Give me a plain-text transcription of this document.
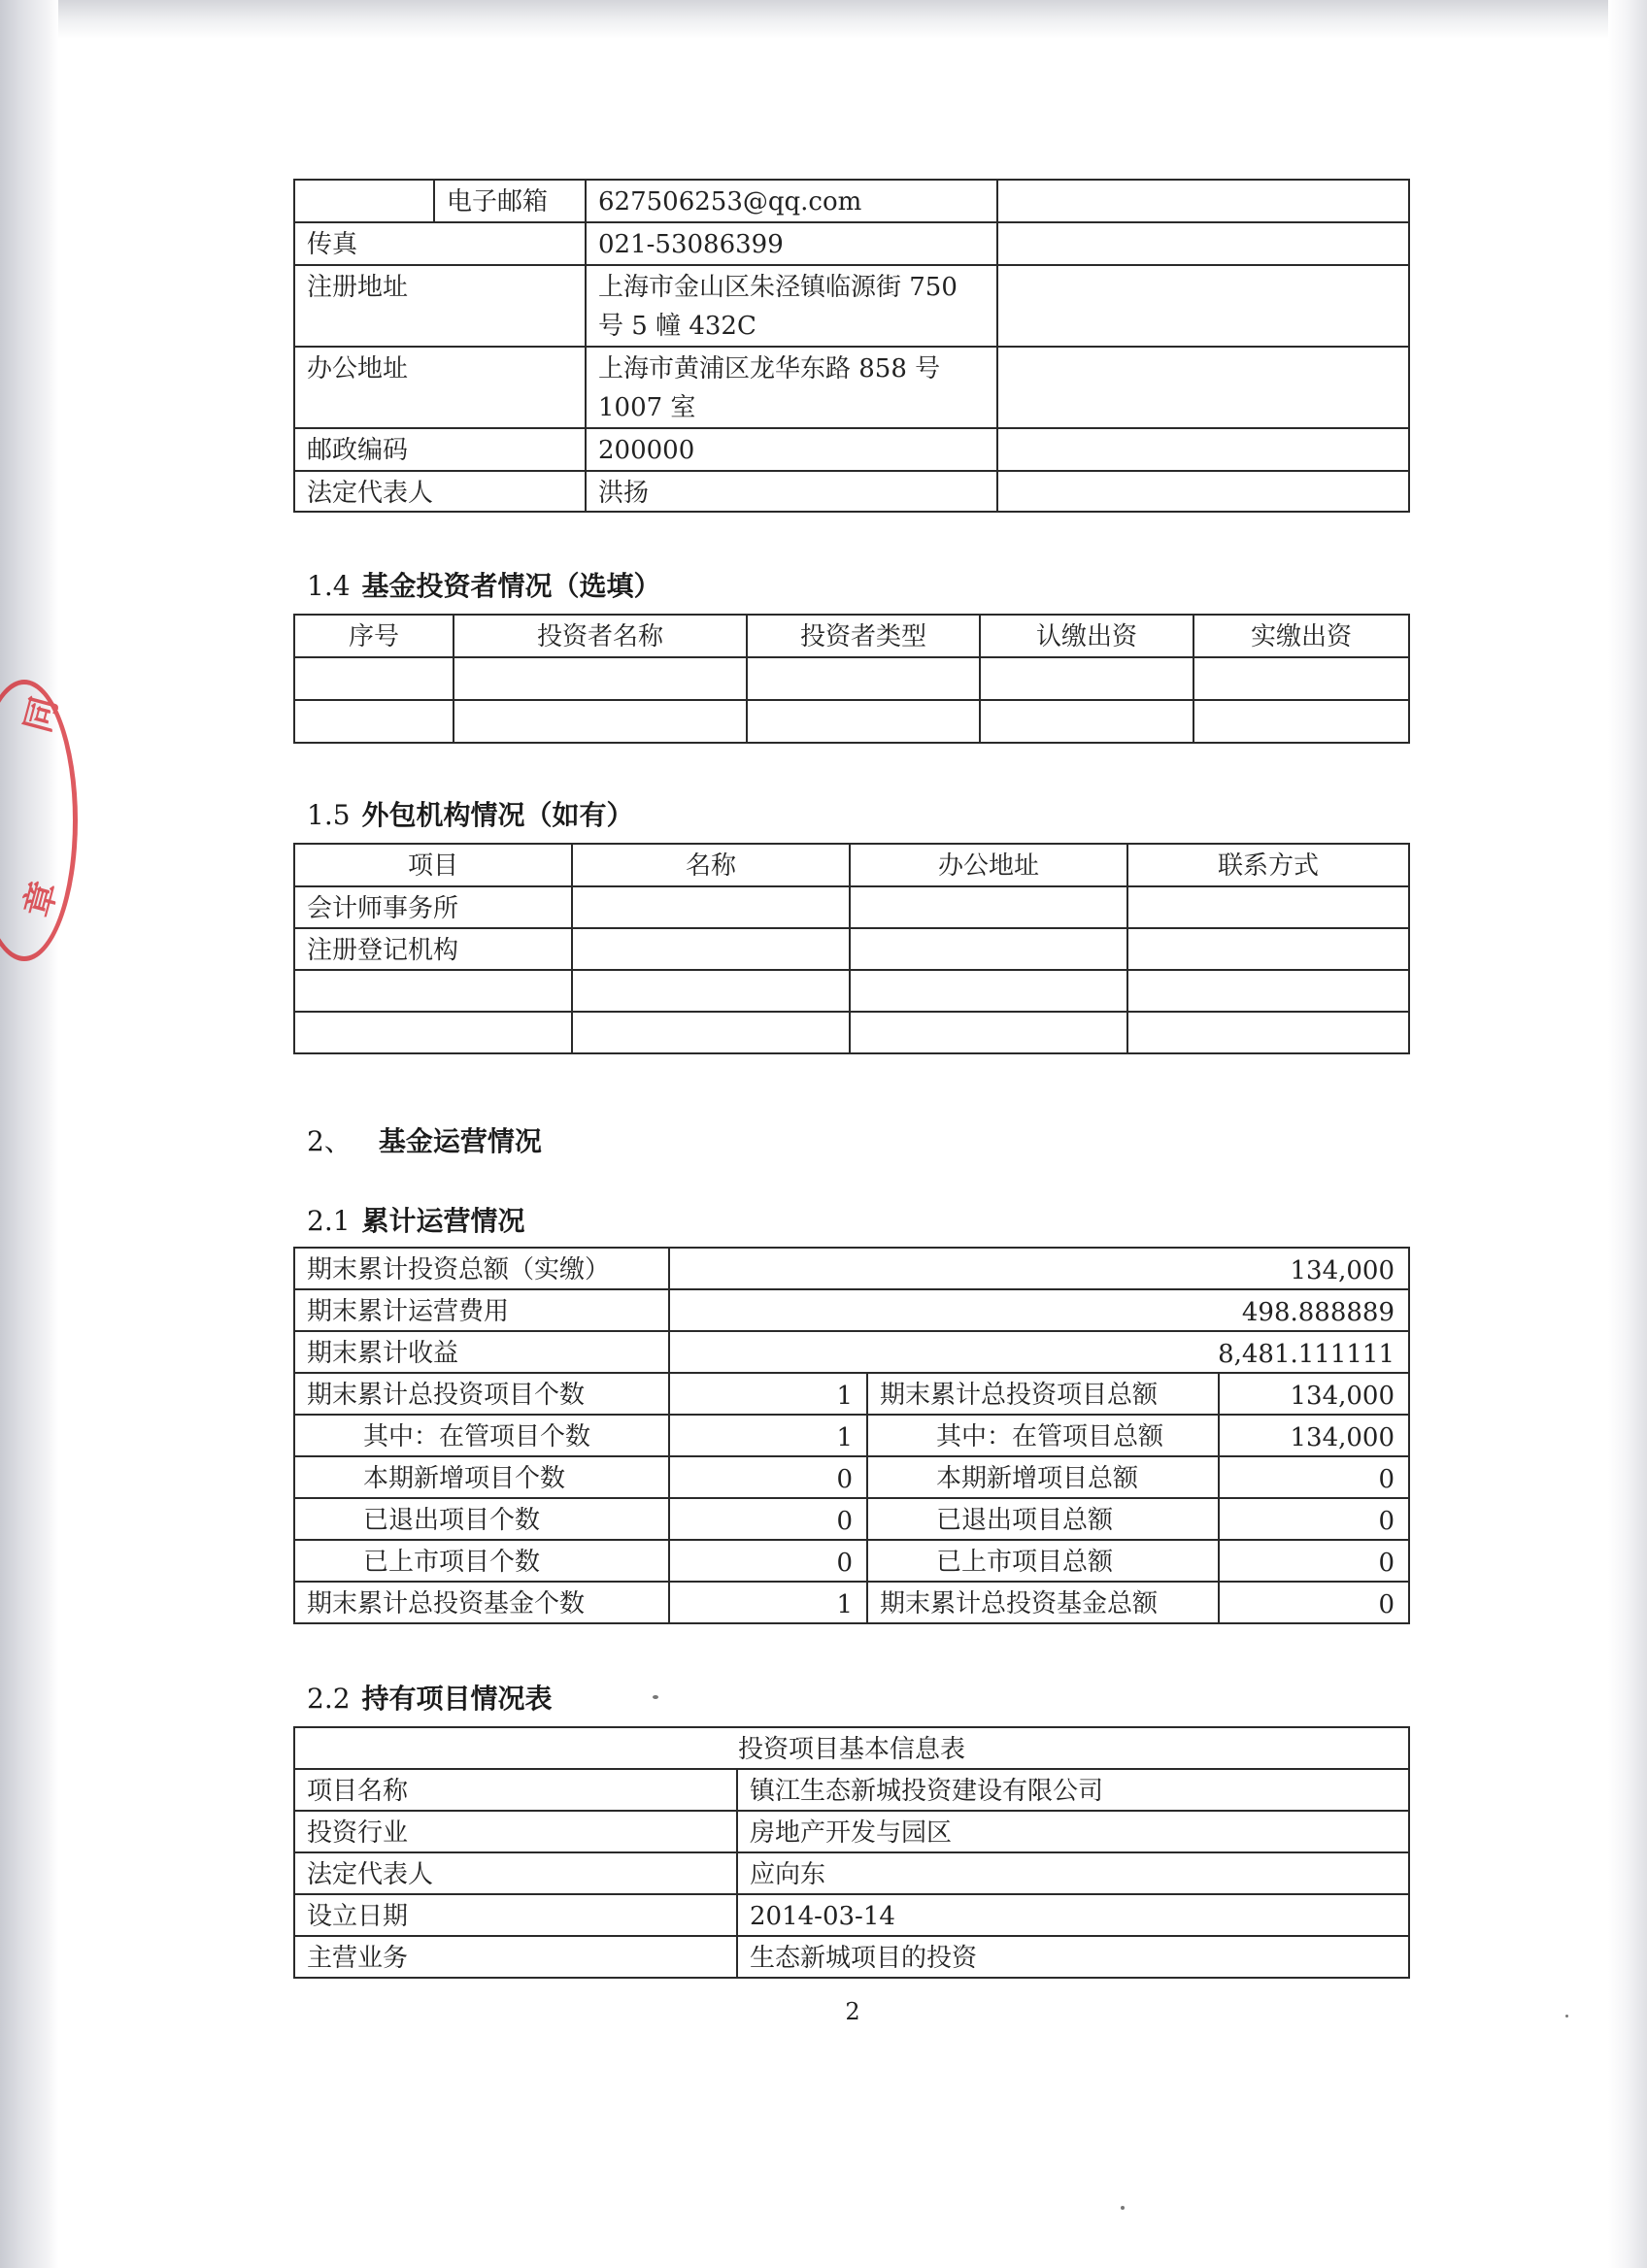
同
章
	电子邮箱	627506253@qq.com	
传真		021-53086399	
注册地址		上海市金山区朱泾镇临源街 750 号 5 幢 432C	
办公地址		上海市黄浦区龙华东路 858 号 1007 室	
邮政编码		200000	
法定代表人		洪扬	
1.4 基金投资者情况（选填）
序号	投资者名称	投资者类型	认缴出资	实缴出资

1.5 外包机构情况（如有）
项目	名称	办公地址	联系方式
会计师事务所			
注册登记机构			

2、 基金运营情况
2.1 累计运营情况
期末累计投资总额（实缴）	134,000		
期末累计运营费用	498.888889		
期末累计收益	8,481.111111		
期末累计总投资项目个数	1	期末累计总投资项目总额	134,000
其中：在管项目个数	1	其中：在管项目总额	134,000
本期新增项目个数	0	本期新增项目总额	0
已退出项目个数	0	已退出项目总额	0
已上市项目个数	0	已上市项目总额	0
期末累计总投资基金个数	1	期末累计总投资基金总额	0
2.2 持有项目情况表
投资项目基本信息表	
项目名称	镇江生态新城投资建设有限公司
投资行业	房地产开发与园区
法定代表人	应向东
设立日期	2014-03-14
主营业务	生态新城项目的投资
2
